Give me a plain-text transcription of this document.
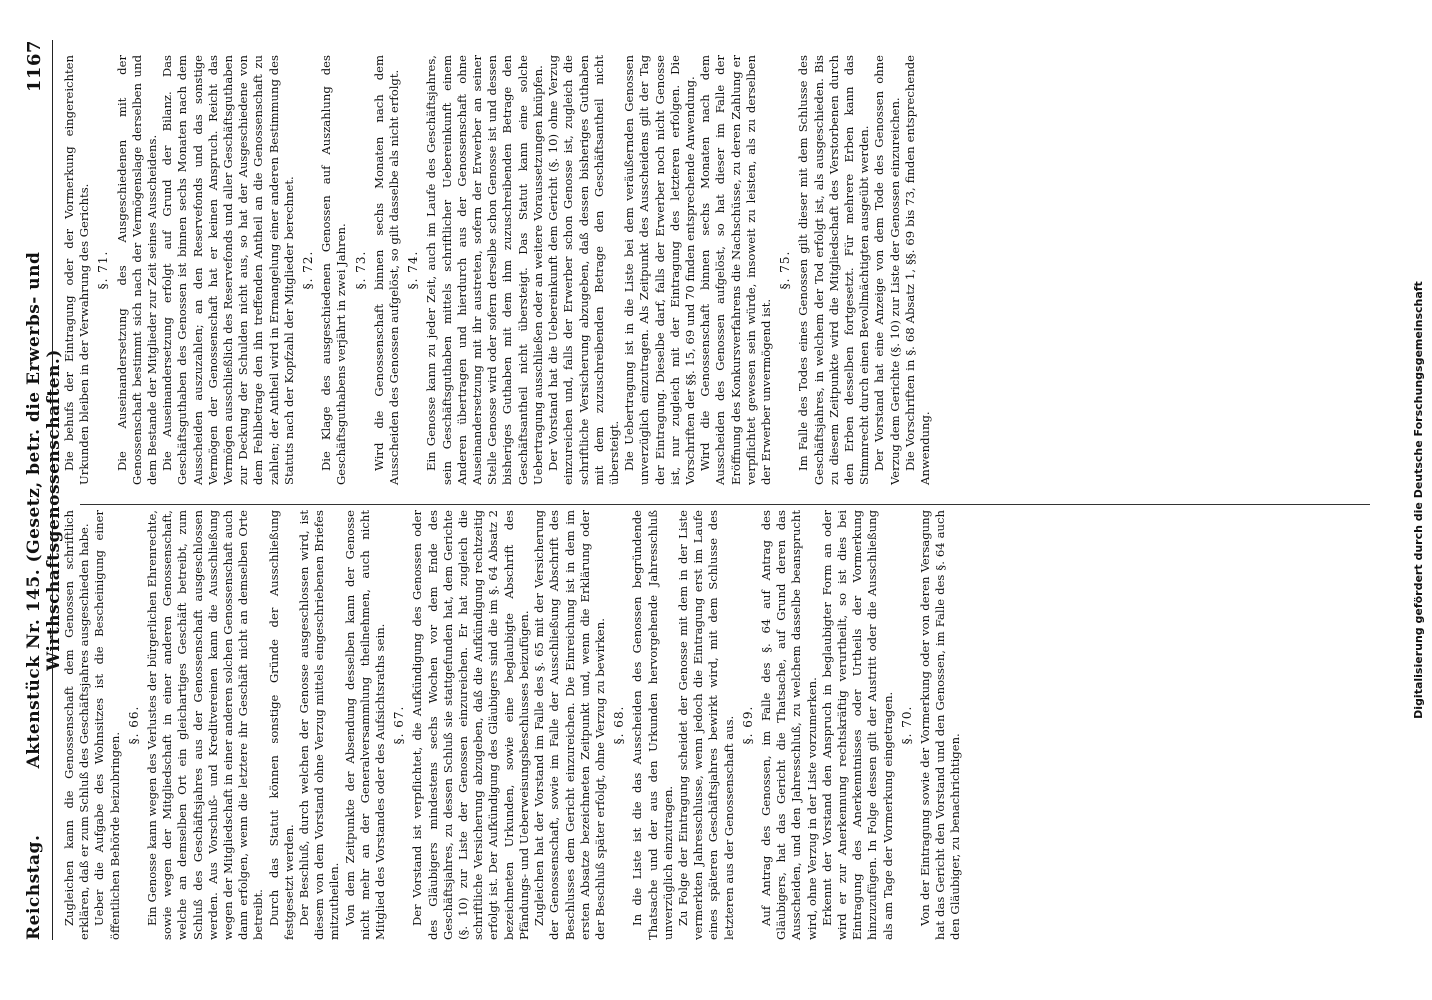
Reichstag.
Aktenstück Nr. 145. (Gesetz, betr. die Erwerbs- und Wirthschaftsgenossenschaften.)
1167

Zugleichen kann die Genossenschaft dem Genossen schriftlich erklären, daß er zum Schluß des Geschäftsjahres ausgeschieden habe. Ueber die Aufgabe des Wohnsitzes ist die Bescheinigung einer öffentlichen Behörde beizubringen.

§. 66. Ein Genosse kann wegen des Verlustes der bürgerlichen Ehrenrechte, sowie wegen der Mitgliedschaft in einer anderen Genossenschaft, welche an demselben Ort ein gleichartiges Geschäft betreibt, zum Schluß des Geschäftsjahres aus der Genossenschaft ausgeschlossen werden. Aus Vorschuß- und Kreditvereinen kann die Ausschließung wegen der Mitgliedschaft in einer anderen solchen Genossenschaft auch dann erfolgen, wenn die letztere ihr Geschäft nicht an demselben Orte betreibt. Durch das Statut können sonstige Gründe der Ausschließung festgesetzt werden. Der Beschluß, durch welchen der Genosse ausgeschlossen wird, ist diesem von dem Vorstand ohne Verzug mittels eingeschriebenen Briefes mitzutheilen. Von dem Zeitpunkte der Absendung desselben kann der Genosse nicht mehr an der Generalversammlung theilnehmen, auch nicht Mitglied des Vorstandes oder des Aufsichtsraths sein. §. 67. Der Vorstand ist verpflichtet, die Aufkündigung des Genossen oder des Gläubigers mindestens sechs Wochen vor dem Ende des Geschäftsjahres, zu dessen Schluß sie stattgefunden hat, dem Gerichte (§. 10) zur Liste der Genossen einzureichen. Er hat zugleich die schriftliche Versicherung abzugeben, daß die Aufkündigung rechtzeitig erfolgt ist. Der Aufkündigung des Gläubigers sind die im §. 64 Absatz 2 bezeichneten Urkunden, sowie eine beglaubigte Abschrift des Pfändungs- und Ueberweisungsbeschlusses beizufügen. Zugleichen hat der Vorstand im Falle des §. 65 mit der Versicherung der Genossenschaft, sowie im Falle der Ausschließung Abschrift des Beschlusses dem Gericht einzureichen. Die Einreichung ist in dem im ersten Absatze bezeichneten Zeitpunkt und, wenn die Erklärung oder der Beschluß später erfolgt, ohne Verzug zu bewirken. §. 68. In die Liste ist die das Ausscheiden des Genossen begründende Thatsache und der aus den Urkunden hervorgehende Jahresschluß unverzüglich einzutragen. Zu Folge der Eintragung scheidet der Genosse mit dem in der Liste vermerkten Jahresschlusse, wenn jedoch die Eintragung erst im Laufe eines späteren Geschäftsjahres bewirkt wird, mit dem Schlusse des letzteren aus der Genossenschaft aus. §. 69. Auf Antrag des Genossen, im Falle des §. 64 auf Antrag des Gläubigers, hat das Gericht die Thatsache, auf Grund deren das Ausscheiden, und den Jahresschluß, zu welchem dasselbe beansprucht wird, ohne Verzug in der Liste vorzumerken. Erkennt der Vorstand den Anspruch in beglaubigter Form an oder wird er zur Anerkennung rechtskräftig verurtheilt, so ist dies bei Eintragung des Anerkenntnisses oder Urtheils der Vormerkung hinzuzufügen. In Folge dessen gilt der Austritt oder die Ausschließung als am Tage der Vormerkung eingetragen. §. 70. Von der Eintragung sowie der Vormerkung oder von deren Versagung hat das Gericht den Vorstand und den Genossen, im Falle des §. 64 auch den Gläubiger, zu benachrichtigen.

Die behufs der Eintragung oder der Vormerkung eingereichten Urkunden bleiben in der Verwahrung des Gerichts. §. 71. Die Auseinandersetzung des Ausgeschiedenen mit der Genossenschaft bestimmt sich nach der Vermögenslage derselben und dem Bestande der Mitglieder zur Zeit seines Ausscheidens. Die Auseinandersetzung erfolgt auf Grund der Bilanz. Das Geschäftsguthaben des Genossen ist binnen sechs Monaten nach dem Ausscheiden auszuzahlen; an den Reservefonds und das sonstige Vermögen der Genossenschaft hat er keinen Anspruch. Reicht das Vermögen ausschließlich des Reservefonds und aller Geschäftsguthaben zur Deckung der Schulden nicht aus, so hat der Ausgeschiedene von dem Fehlbetrage den ihn treffenden Antheil an die Genossenschaft zu zahlen; der Antheil wird in Ermangelung einer anderen Bestimmung des Statuts nach der Kopfzahl der Mitglieder berechnet. §. 72. Die Klage des ausgeschiedenen Genossen auf Auszahlung des Geschäftsguthabens verjährt in zwei Jahren. §. 73. Wird die Genossenschaft binnen sechs Monaten nach dem Ausscheiden des Genossen aufgelöst, so gilt dasselbe als nicht erfolgt. §. 74. Ein Genosse kann zu jeder Zeit, auch im Laufe des Geschäftsjahres, sein Geschäftsguthaben mittels schriftlicher Uebereinkunft einem Anderen übertragen und hierdurch aus der Genossenschaft ohne Auseinandersetzung mit ihr austreten, sofern der Erwerber an seiner Stelle Genosse wird oder sofern derselbe schon Genosse ist und dessen bisheriges Guthaben mit dem ihm zuzuschreibenden Betrage den Geschäftsantheil nicht übersteigt. Das Statut kann eine solche Uebertragung ausschließen oder an weitere Voraussetzungen knüpfen. Der Vorstand hat die Uebereinkunft dem Gericht (§. 10) ohne Verzug einzureichen und, falls der Erwerber schon Genosse ist, zugleich die schriftliche Versicherung abzugeben, daß dessen bisheriges Guthaben mit dem zuzuschreibenden Betrage den Geschäftsantheil nicht übersteigt. Die Uebertragung ist in die Liste bei dem veräußernden Genossen unverzüglich einzutragen. Als Zeitpunkt des Ausscheidens gilt der Tag der Eintragung. Dieselbe darf, falls der Erwerber noch nicht Genosse ist, nur zugleich mit der Eintragung des letzteren erfolgen. Die Vorschriften der §§. 15, 69 und 70 finden entsprechende Anwendung. Wird die Genossenschaft binnen sechs Monaten nach dem Ausscheiden des Genossen aufgelöst, so hat dieser im Falle der Eröffnung des Konkursverfahrens die Nachschüsse, zu deren Zahlung er verpflichtet gewesen sein würde, insoweit zu leisten, als zu derselben der Erwerber unvermögend ist.

§. 75. Im Falle des Todes eines Genossen gilt dieser mit dem Schlusse des Geschäftsjahres, in welchem der Tod erfolgt ist, als ausgeschieden. Bis zu diesem Zeitpunkte wird die Mitgliedschaft des Verstorbenen durch den Erben desselben fortgesetzt. Für mehrere Erben kann das Stimmrecht durch einen Bevollmächtigten ausgeübt werden. Der Vorstand hat eine Anzeige von dem Tode des Genossen ohne Verzug dem Gerichte (§. 10) zur Liste der Genossen einzureichen. Die Vorschriften in §. 68 Absatz 1, §§. 69 bis 73, finden entsprechende Anwendung.	Digitalisierung gefördert durch die Deutsche Forschungsgemeinschaft
